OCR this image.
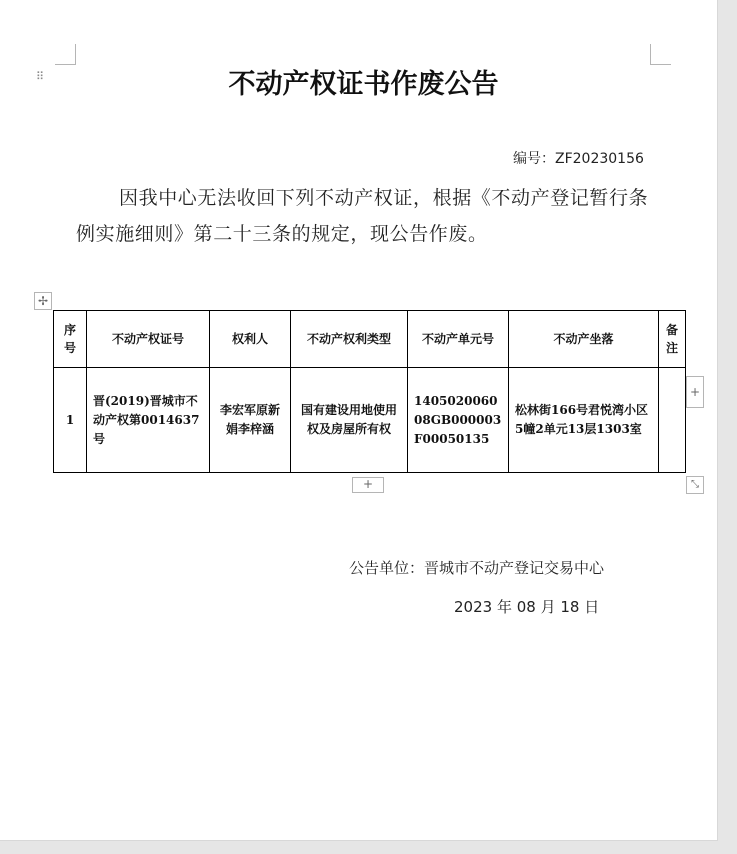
⠿	不动产权证书作废公告
编号：ZF20230156
因我中心无法收回下列不动产权证，根据《不动产登记暂行条例实施细则》第二十三条的规定，现公告作废。
✢
序号	不动产权证号	权利人	不动产权利类型	不动产单元号	不动产坐落	备注
1	晋(2019)晋城市不动产权第0014637号	李宏军原新娟李梓涵	国有建设用地使用权及房屋所有权	140502006008GB000003F00050135	松林街166号君悦湾小区5幢2单元13层1303室	
+
+
⤡
公告单位：晋城市不动产登记交易中心
2023 年 08 月 18 日
